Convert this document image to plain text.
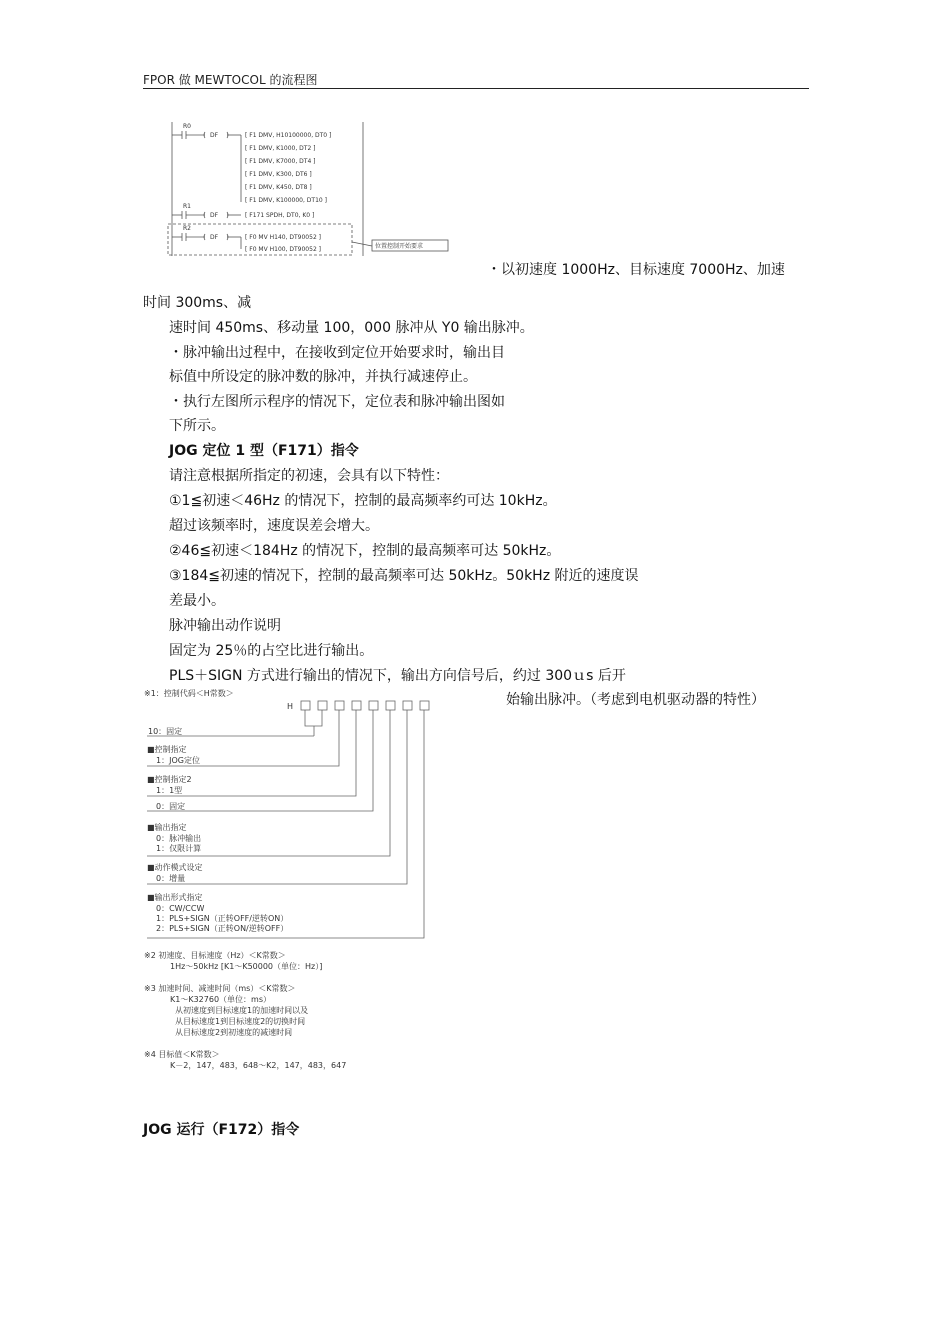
FPOR 做 MEWTOCOL 的流程图
R0
R1
R2
DF
DF
DF
[ F1 DMV, H10100000, DT0 ]
[ F1 DMV, K1000, DT2 ]
[ F1 DMV, K7000, DT4 ]
[ F1 DMV, K300, DT6 ]
[ F1 DMV, K450, DT8 ]
[ F1 DMV, K100000, DT10 ]
[ F171 SPDH, DT0, K0 ]
[ F0 MV H140, DT90052 ]
[ F0 MV H100, DT90052 ]	位置控制开始要求
・以初速度 1000Hz、目标速度 7000Hz、加速
时间 300ms、减
速时间 450ms、移动量 100，000 脉冲从 Y0 输出脉冲。
・脉冲输出过程中，在接收到定位开始要求时，输出目
标值中所设定的脉冲数的脉冲，并执行减速停止。
・执行左图所示程序的情况下，定位表和脉冲输出图如
下所示。
JOG 定位 1 型（F171）指令
请注意根据所指定的初速，会具有以下特性：
①1≦初速＜46Hz 的情况下，控制的最高频率约可达 10kHz。
超过该频率时，速度误差会增大。
②46≦初速＜184Hz 的情况下，控制的最高频率可达 50kHz。
③184≦初速的情况下，控制的最高频率可达 50kHz。50kHz 附近的速度误
差最小。
脉冲输出动作说明
固定为 25％的占空比进行输出。
PLS＋SIGN 方式进行输出的情况下，输出方向信号后，约过 300ｕs 后开
始输出脉冲。（考虑到电机驱动器的特性）
※1：控制代码＜H常数＞
H
10：固定
■控制指定
1：JOG定位
■控制指定2
1：1型
0：固定
■输出指定
0：脉冲输出
1：仅限计算
■动作模式设定
0：增量
■输出形式指定
0：CW/CCW
1：PLS+SIGN（正转OFF/逆转ON）
2：PLS+SIGN（正转ON/逆转OFF）
※2 初速度、目标速度（Hz）＜K常数＞
1Hz～50kHz [K1～K50000（单位：Hz）]
※3 加速时间、减速时间（ms）＜K常数＞
K1～K32760（单位：ms）
从初速度到目标速度1的加速时间以及
从目标速度1到目标速度2的切换时间
从目标速度2到初速度的减速时间
※4 目标值＜K常数＞
K－2，147，483，648～K2，147，483，647
JOG 运行（F172）指令
